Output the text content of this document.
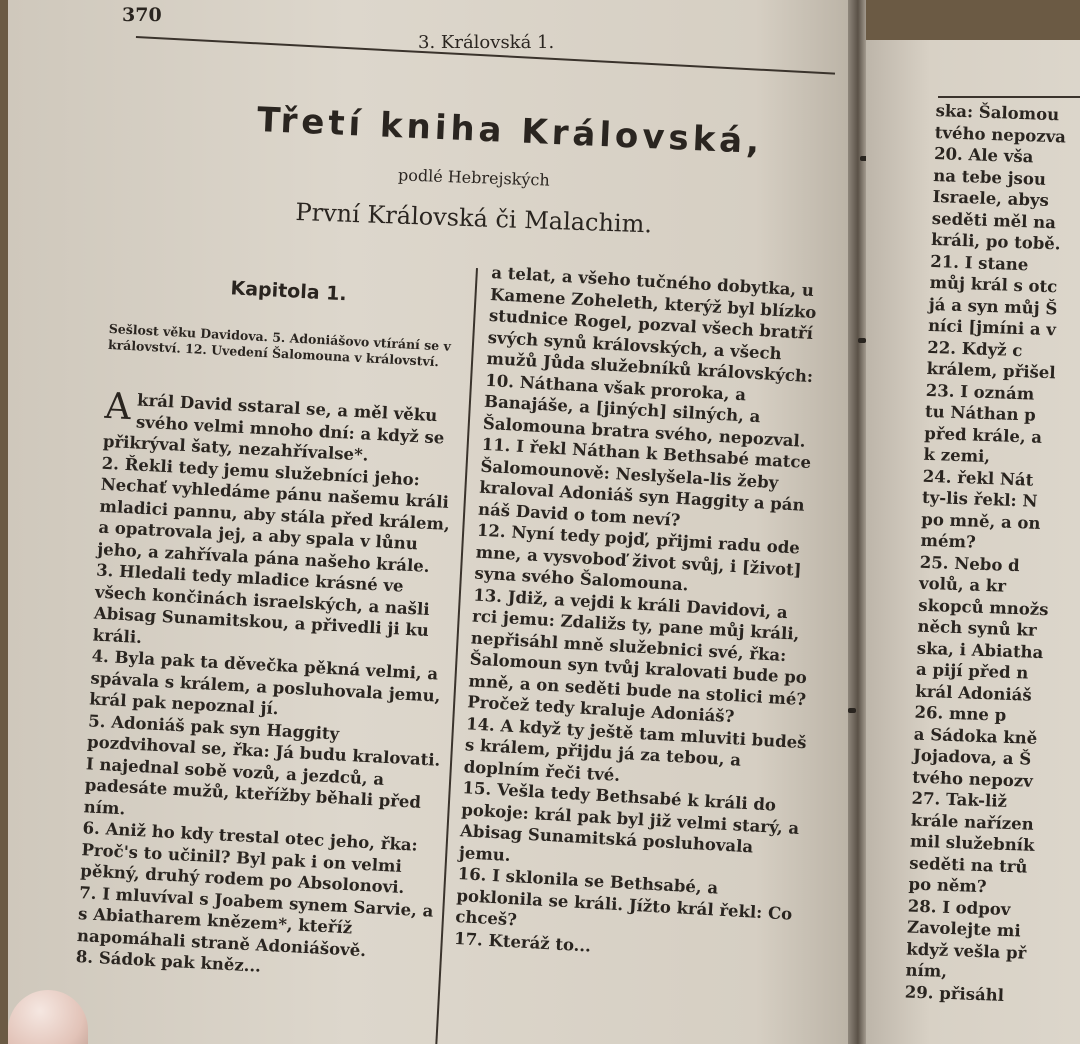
370
3. Královská 1.
Třetí kniha Královská,
podlé Hebrejských
První Královská či Malachim.

Kapitola 1.

Sešlost věku Davidova. 5. Adoniášovo vtírání se v království. 12. Uvedení Šalomouna v království.

A král David sstaral se, a měl věku svého velmi mnoho dní: a když se přikrýval šaty, nezahřívalse*.
2. Řekli tedy jemu služebníci jeho: Nechať vyhledáme pánu našemu králi mladici pannu, aby stála před králem, a opatrovala jej, a aby spala v lůnu jeho, a zahřívala pána našeho krále.
3. Hledali tedy mladice krásné ve všech končinách israelských, a našli Abisag Sunamitskou, a přivedli ji ku králi.
4. Byla pak ta děvečka pěkná velmi, a spávala s králem, a posluhovala jemu, král pak nepoznal jí.
5. Adoniáš pak syn Haggity pozdvihoval se, řka: Já budu kralovati. I najednal sobě vozů, a jezdců, a padesáte mužů, kteřížby běhali před ním.
6. Aniž ho kdy trestal otec jeho, řka: Proč's to učinil? Byl pak i on velmi pěkný, druhý rodem po Absolonovi.
7. I mluvíval s Joabem synem Sarvie, a s Abiatharem knězem*, kteříž napomáhali straně Adoniášově.
8. Sádok pak kněz...

a telat, a všeho tučného dobytka, u Kamene Zoheleth, kterýž byl blízko studnice Rogel, pozval všech bratří svých synů královských, a všech mužů Jůda služebníků královských:
10. Náthana však proroka, a Banajáše, a [jiných] silných, a Šalomouna bratra svého, nepozval.
11. I řekl Náthan k Bethsabé matce Šalomounově: Neslyšela-lis žeby kraloval Adoniáš syn Haggity a pán náš David o tom neví?
12. Nyní tedy pojď, přijmi radu ode mne, a vysvoboď život svůj, i [život] syna svého Šalomouna.
13. Jdiž, a vejdi k králi Davidovi, a rci jemu: Zdaližs ty, pane můj králi, nepřisáhl mně služebnici své, řka: Šalomoun syn tvůj kralovati bude po mně, a on seděti bude na stolici mé? Pročež tedy kraluje Adoniáš?
14. A když ty ještě tam mluviti budeš s králem, přijdu já za tebou, a doplním řeči tvé.
15. Vešla tedy Bethsabé k králi do pokoje: král pak byl již velmi starý, a Abisag Sunamitská posluhovala jemu.
16. I sklonila se Bethsabé, a poklonila se králi. Jížto král řekl: Co chceš?
17. Kteráž to...
ska: Šalomou
tvého nepozva
20. Ale vša
na tebe jsou
Israele, abys
seděti měl na
králi, po tobě.
21. I stane
můj král s otc
já a syn můj Š
níci [jmíni a v
22. Když c
králem, přišel
23. I oznám
tu Náthan p
před krále, a
k zemi,
24. řekl Nát
ty-lis řekl: N
po mně, a on
mém?
25. Nebo d
volů, a kr
skopců množs
něch synů kr
ska, i Abiatha
a pijí před n
král Adoniáš
26. mne p
a Sádoka kně
Jojadova, a Š
tvého nepozv
27. Tak-liž
krále nařízen
mil služebník
seděti na trů
po něm?
28. I odpov
Zavolejte mi
když vešla př
ním,
29. přisáhl
